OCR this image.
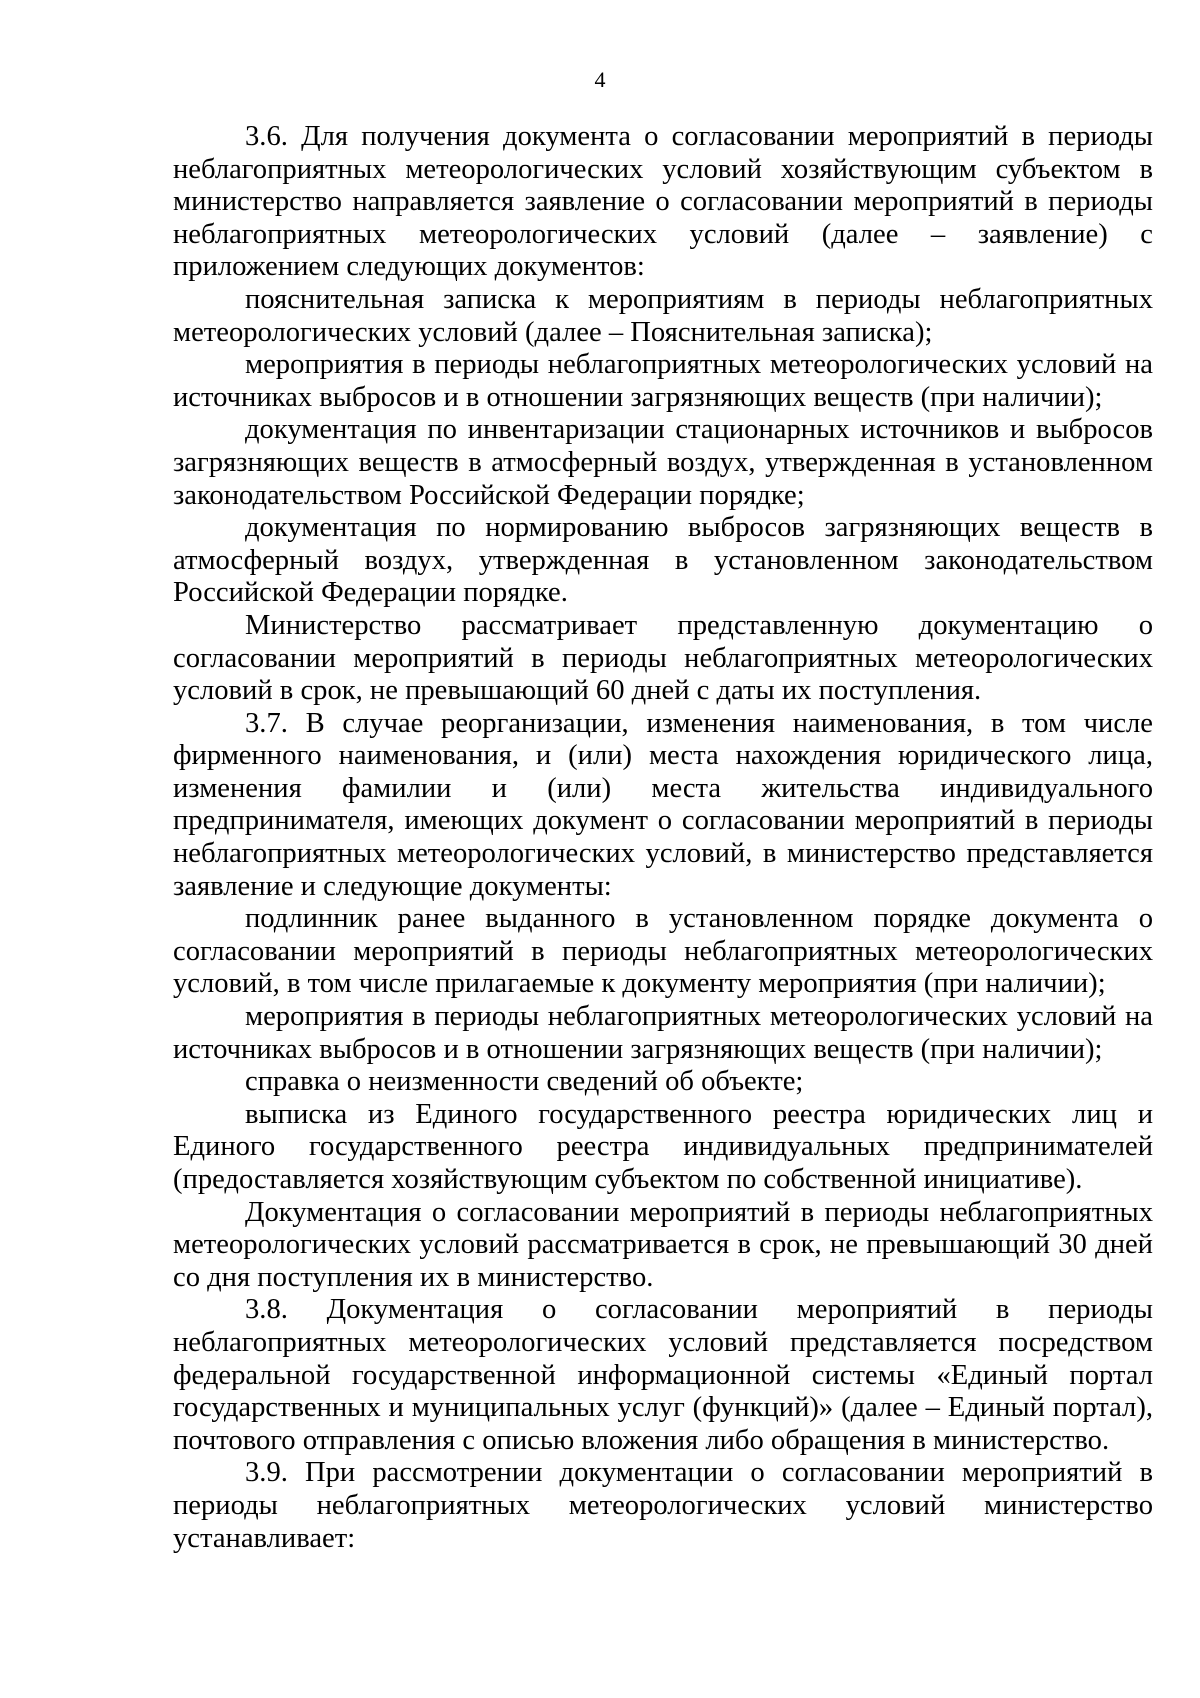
4

3.6. Для получения документа о согласовании мероприятий в периоды неблагоприятных метеорологических условий хозяйствующим субъектом в министерство направляется заявление о согласовании мероприятий в периоды неблагоприятных метеорологических условий (далее – заявление) с приложением следующих документов:

пояснительная записка к мероприятиям в периоды неблагоприятных метеорологических условий (далее – Пояснительная записка);

мероприятия в периоды неблагоприятных метеорологических условий на источниках выбросов и в отношении загрязняющих веществ (при наличии);

документация по инвентаризации стационарных источников и выбросов загрязняющих веществ в атмосферный воздух, утвержденная в установленном законодательством Российской Федерации порядке;

документация по нормированию выбросов загрязняющих веществ в атмосферный воздух, утвержденная в установленном законодательством Российской Федерации порядке.

Министерство рассматривает представленную документацию о согласовании мероприятий в периоды неблагоприятных метеорологических условий в срок, не превышающий 60 дней с даты их поступления.

3.7. В случае реорганизации, изменения наименования, в том числе фирменного наименования, и (или) места нахождения юридического лица, изменения фамилии и (или) места жительства индивидуального предпринимателя, имеющих документ о согласовании мероприятий в периоды неблагоприятных метеорологических условий, в министерство представляется заявление и следующие документы:

подлинник ранее выданного в установленном порядке документа о согласовании мероприятий в периоды неблагоприятных метеорологических условий, в том числе прилагаемые к документу мероприятия (при наличии);

мероприятия в периоды неблагоприятных метеорологических условий на источниках выбросов и в отношении загрязняющих веществ (при наличии);

справка о неизменности сведений об объекте;

выписка из Единого государственного реестра юридических лиц и Единого государственного реестра индивидуальных предпринимателей (предоставляется хозяйствующим субъектом по собственной инициативе).

Документация о согласовании мероприятий в периоды неблагоприятных метеорологических условий рассматривается в срок, не превышающий 30 дней со дня поступления их в министерство.

3.8. Документация о согласовании мероприятий в периоды неблагоприятных метеорологических условий представляется посредством федеральной государственной информационной системы «Единый портал государственных и муниципальных услуг (функций)» (далее – Единый портал), почтового отправления с описью вложения либо обращения в министерство.

3.9. При рассмотрении документации о согласовании мероприятий в периоды неблагоприятных метеорологических условий министерство устанавливает:
